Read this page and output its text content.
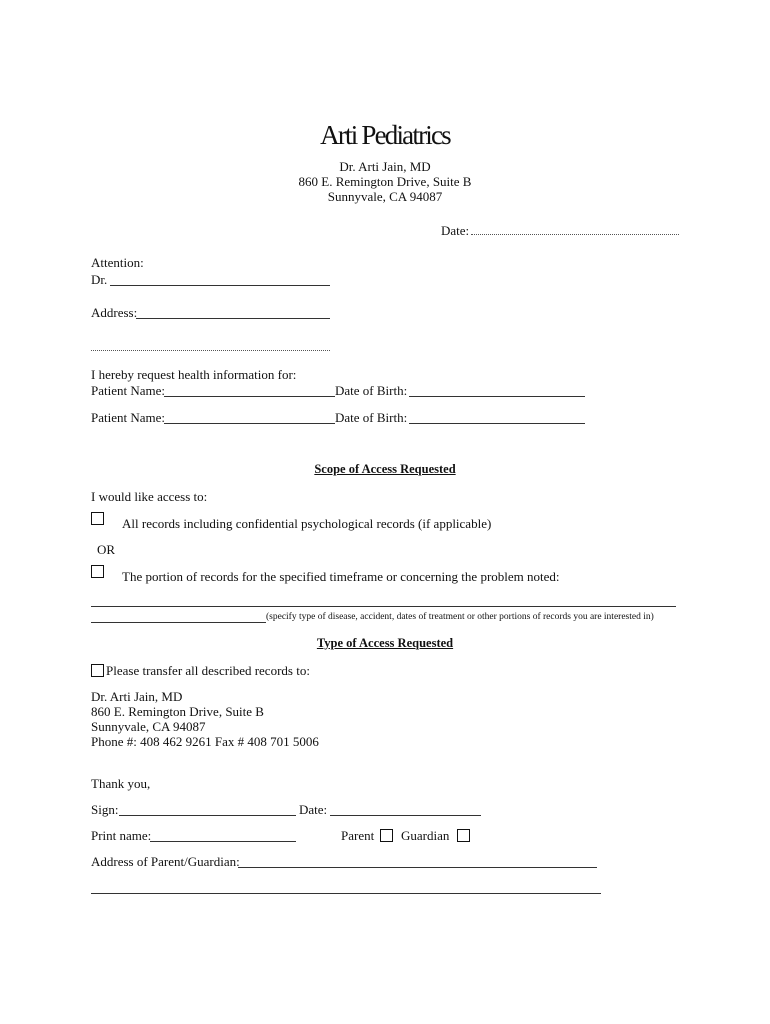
Arti Pediatrics
Dr. Arti Jain, MD
860 E. Remington Drive, Suite B
Sunnyvale, CA 94087
Date:
Attention:
Dr.
Address:
I hereby request health information for:
Patient Name:	Date of Birth:
Patient Name:	Date of Birth:
Scope of Access Requested
I would like access to:
All records including confidential psychological records (if applicable)
OR
The portion of records for the specified timeframe or concerning the problem noted:
(specify type of disease, accident, dates of treatment or other portions of records you are interested in)
Type of Access Requested
Please transfer all described records to:
Dr. Arti Jain, MD
860 E. Remington Drive, Suite B
Sunnyvale, CA 94087
Phone #: 408 462 9261 Fax # 408 701 5006
Thank you,
Sign:	Date:
Print name:	Parent Guardian
Address of Parent/Guardian:
